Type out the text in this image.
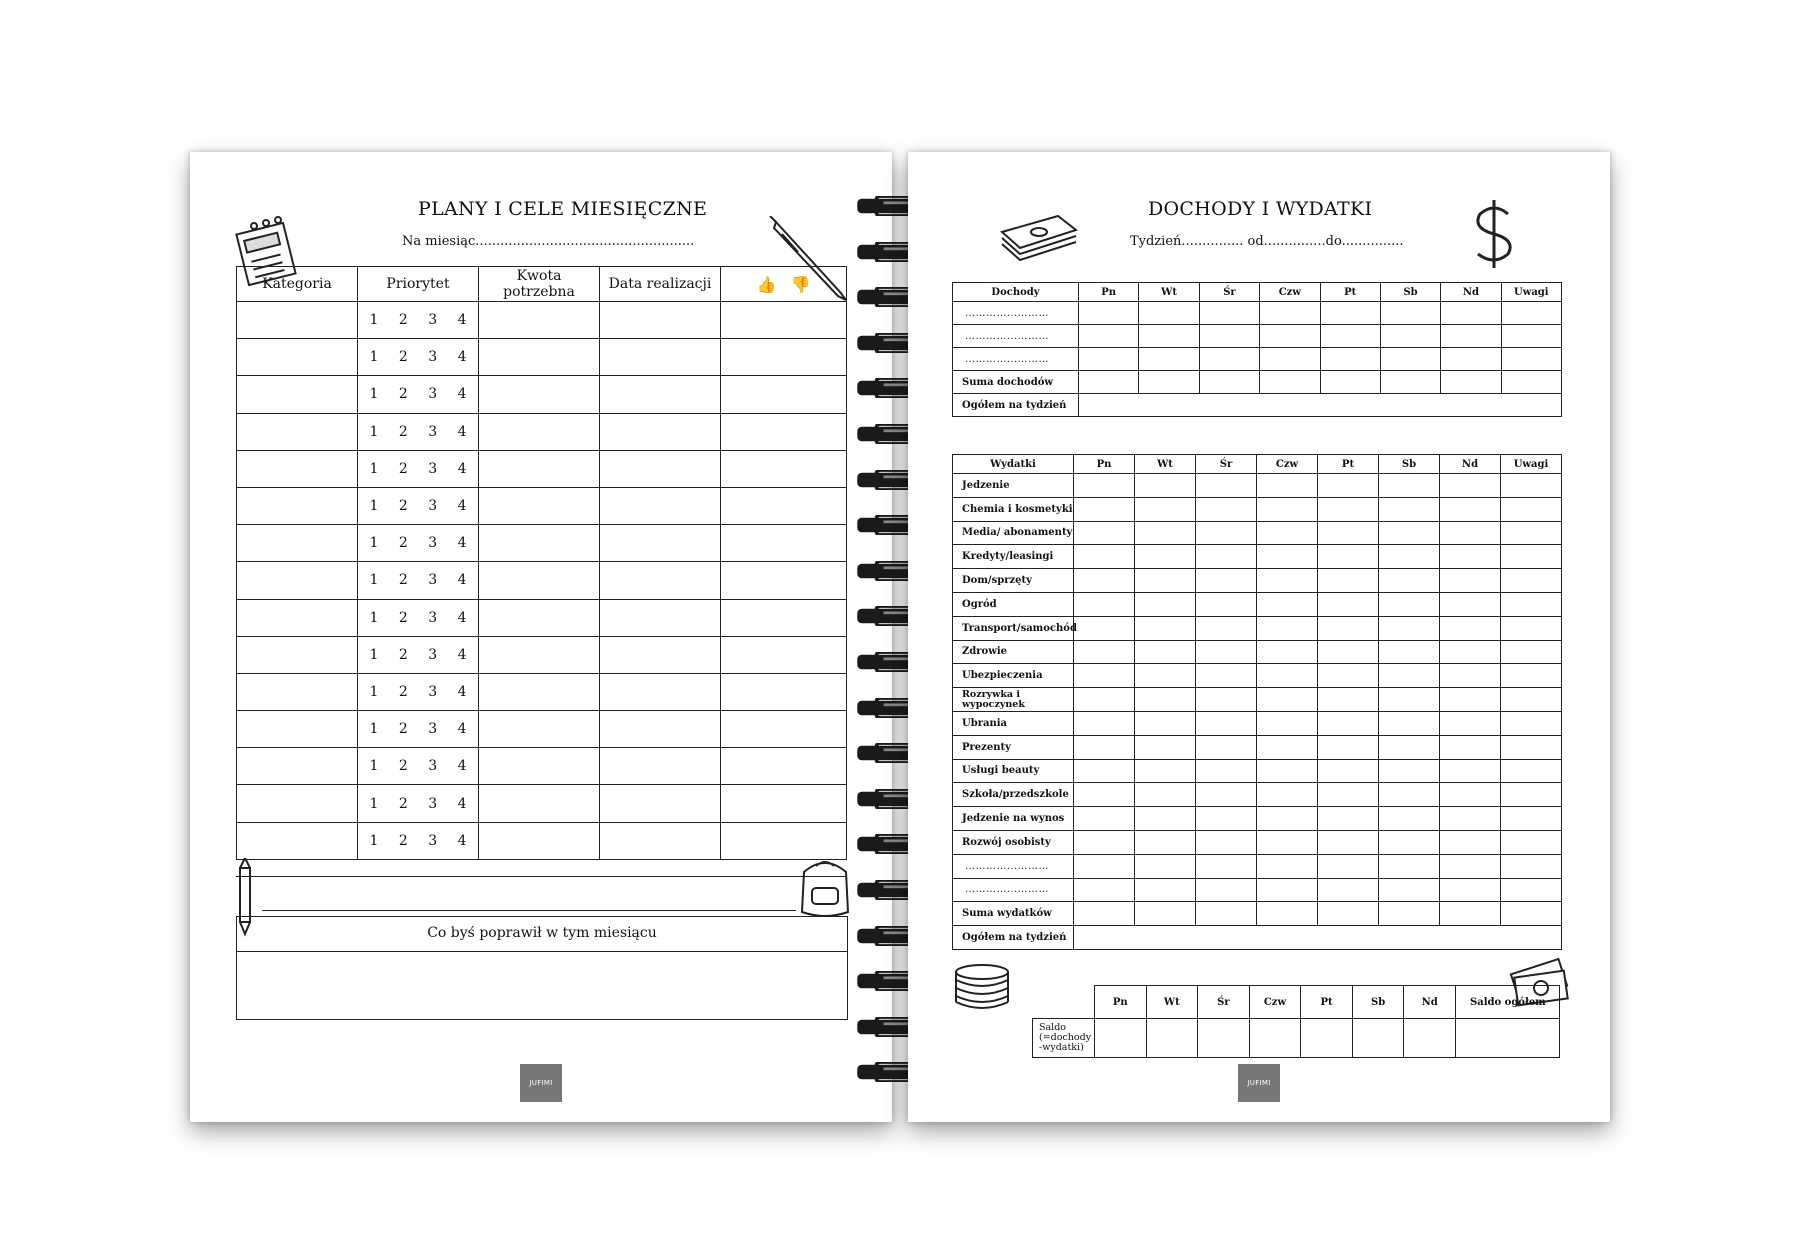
PLANY I CELE MIESIĘCZNE
Na miesiąc.....................................................
Kategoria	Priorytet	Kwota potrzebna	Data realizacji	👍 👎
	1 2 3 4			
	1 2 3 4			
	1 2 3 4			
	1 2 3 4			
	1 2 3 4			
	1 2 3 4			
	1 2 3 4			
	1 2 3 4			
	1 2 3 4			
	1 2 3 4			
	1 2 3 4			
	1 2 3 4			
	1 2 3 4			
	1 2 3 4			
	1 2 3 4			
Co byś poprawił w tym miesiącu
JUFIMI
DOCHODY I WYDATKI
Tydzień............... od...............do...............
Dochody	Pn	Wt	Śr	Czw	Pt	Sb	Nd	Uwagi
……………………								
……………………								
……………………								
Suma dochodów								
Ogółem na tydzień								
Wydatki	Pn	Wt	Śr	Czw	Pt	Sb	Nd	Uwagi
Jedzenie								
Chemia i kosmetyki								
Media/ abonamenty								
Kredyty/leasingi								
Dom/sprzęty								
Ogród								
Transport/samochód								
Zdrowie								
Ubezpieczenia								
Rozrywka i wypoczynek								
Ubrania								
Prezenty								
Usługi beauty								
Szkoła/przedszkole								
Jedzenie na wynos								
Rozwój osobisty								
……………………								
……………………								
Suma wydatków								
Ogółem na tydzień								
	Pn	Wt	Śr	Czw	Pt	Sb	Nd	Saldo ogółem
Saldo (=dochody -wydatki)								
JUFIMI
